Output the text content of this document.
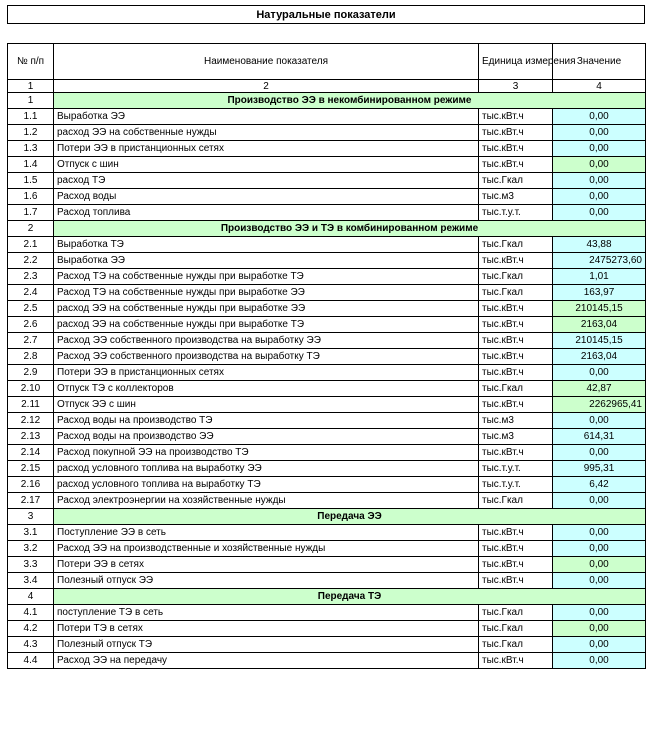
Натуральные показатели
№ п/п	Наименование показателя	Единица измерения	Значение
1	2	3	4
1	Производство ЭЭ в некомбинированном режиме		
1.1	Выработка ЭЭ	тыс.кВт.ч	0,00
1.2	расход ЭЭ на собственные нужды	тыс.кВт.ч	0,00
1.3	Потери ЭЭ в пристанционных сетях	тыс.кВт.ч	0,00
1.4	Отпуск с шин	тыс.кВт.ч	0,00
1.5	расход ТЭ	тыс.Гкал	0,00
1.6	Расход воды	тыс.м3	0,00
1.7	Расход топлива	тыс.т.у.т.	0,00
2	Производство ЭЭ и ТЭ в комбинированном режиме		
2.1	Выработка ТЭ	тыс.Гкал	43,88
2.2	Выработка ЭЭ	тыс.кВт.ч	2475273,60
2.3	Расход ТЭ на собственные нужды при выработке ТЭ	тыс.Гкал	1,01
2.4	Расход ТЭ на собственные нужды при выработке ЭЭ	тыс.Гкал	163,97
2.5	расход ЭЭ на собственные нужды при выработке ЭЭ	тыс.кВт.ч	210145,15
2.6	расход ЭЭ на собственные нужды при выработке ТЭ	тыс.кВт.ч	2163,04
2.7	Расход ЭЭ собственного производства на выработку ЭЭ	тыс.кВт.ч	210145,15
2.8	Расход ЭЭ собственного производства на выработку ТЭ	тыс.кВт.ч	2163,04
2.9	Потери ЭЭ в пристанционных сетях	тыс.кВт.ч	0,00
2.10	Отпуск ТЭ с коллекторов	тыс.Гкал	42,87
2.11	Отпуск ЭЭ с шин	тыс.кВт.ч	2262965,41
2.12	Расход воды на производство ТЭ	тыс.м3	0,00
2.13	Расход воды на производство ЭЭ	тыс.м3	614,31
2.14	Расход покупной ЭЭ на производство ТЭ	тыс.кВт.ч	0,00
2.15	расход условного топлива на выработку ЭЭ	тыс.т.у.т.	995,31
2.16	расход условного топлива на выработку ТЭ	тыс.т.у.т.	6,42
2.17	Расход электроэнергии на хозяйственные нужды	тыс.Гкал	0,00
3	Передача ЭЭ		
3.1	Поступление ЭЭ в сеть	тыс.кВт.ч	0,00
3.2	Расход ЭЭ на производственные и хозяйственные нужды	тыс.кВт.ч	0,00
3.3	Потери ЭЭ в сетях	тыс.кВт.ч	0,00
3.4	Полезный отпуск ЭЭ	тыс.кВт.ч	0,00
4	Передача ТЭ		
4.1	поступление ТЭ в сеть	тыс.Гкал	0,00
4.2	Потери ТЭ в сетях	тыс.Гкал	0,00
4.3	Полезный отпуск ТЭ	тыс.Гкал	0,00
4.4	Расход ЭЭ на передачу	тыс.кВт.ч	0,00
